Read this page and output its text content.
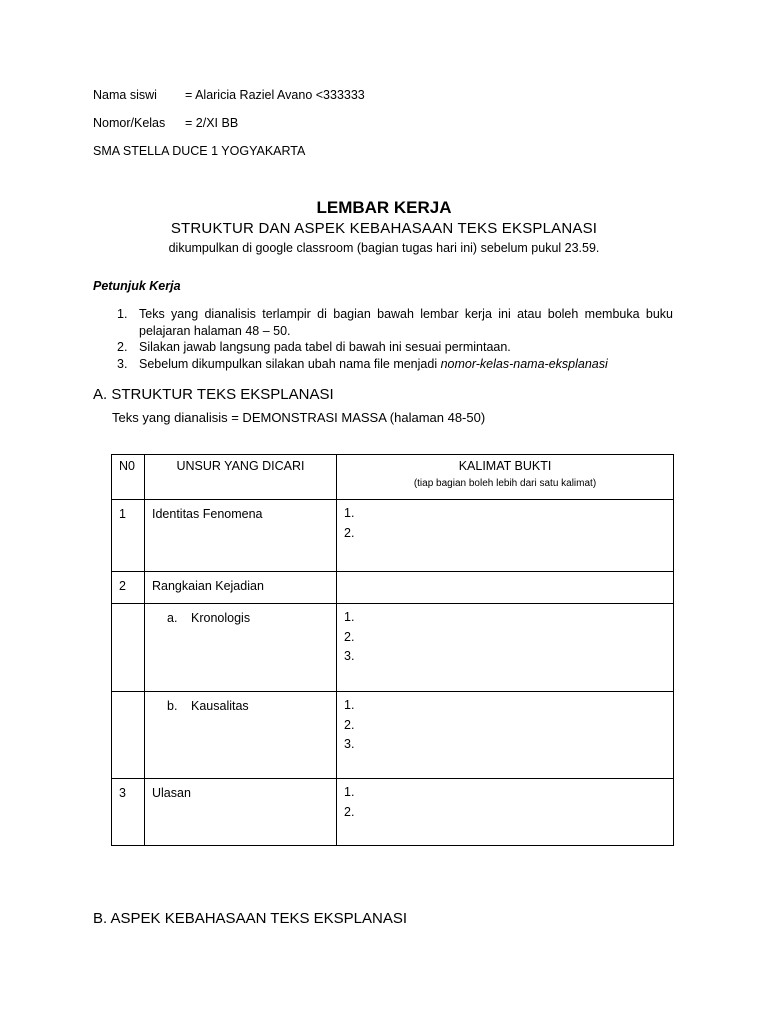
Nama siswi = Alaricia Raziel Avano <333333
Nomor/Kelas = 2/XI BB
SMA STELLA DUCE 1 YOGYAKARTA
LEMBAR KERJA
STRUKTUR DAN ASPEK KEBAHASAAN TEKS EKSPLANASI
dikumpulkan di google classroom (bagian tugas hari ini) sebelum pukul 23.59.
Petunjuk Kerja
1. Teks yang dianalisis terlampir di bagian bawah lembar kerja ini atau boleh membuka buku pelajaran halaman 48 – 50.
2. Silakan jawab langsung pada tabel di bawah ini sesuai permintaan.
3. Sebelum dikumpulkan silakan ubah nama file menjadi nomor-kelas-nama-eksplanasi
A. STRUKTUR TEKS EKSPLANASI
Teks yang dianalisis = DEMONSTRASI MASSA (halaman 48-50)
N0	UNSUR YANG DICARI	KALIMAT BUKTI
(tiap bagian boleh lebih dari satu kalimat)

1	Identitas Fenomena	1.
2.

2	Rangkaian Kejadian	

	a. Kronologis	1.
2.
3.

	b. Kausalitas	1.
2.
3.

3	Ulasan	1.
2.
B. ASPEK KEBAHASAAN TEKS EKSPLANASI
